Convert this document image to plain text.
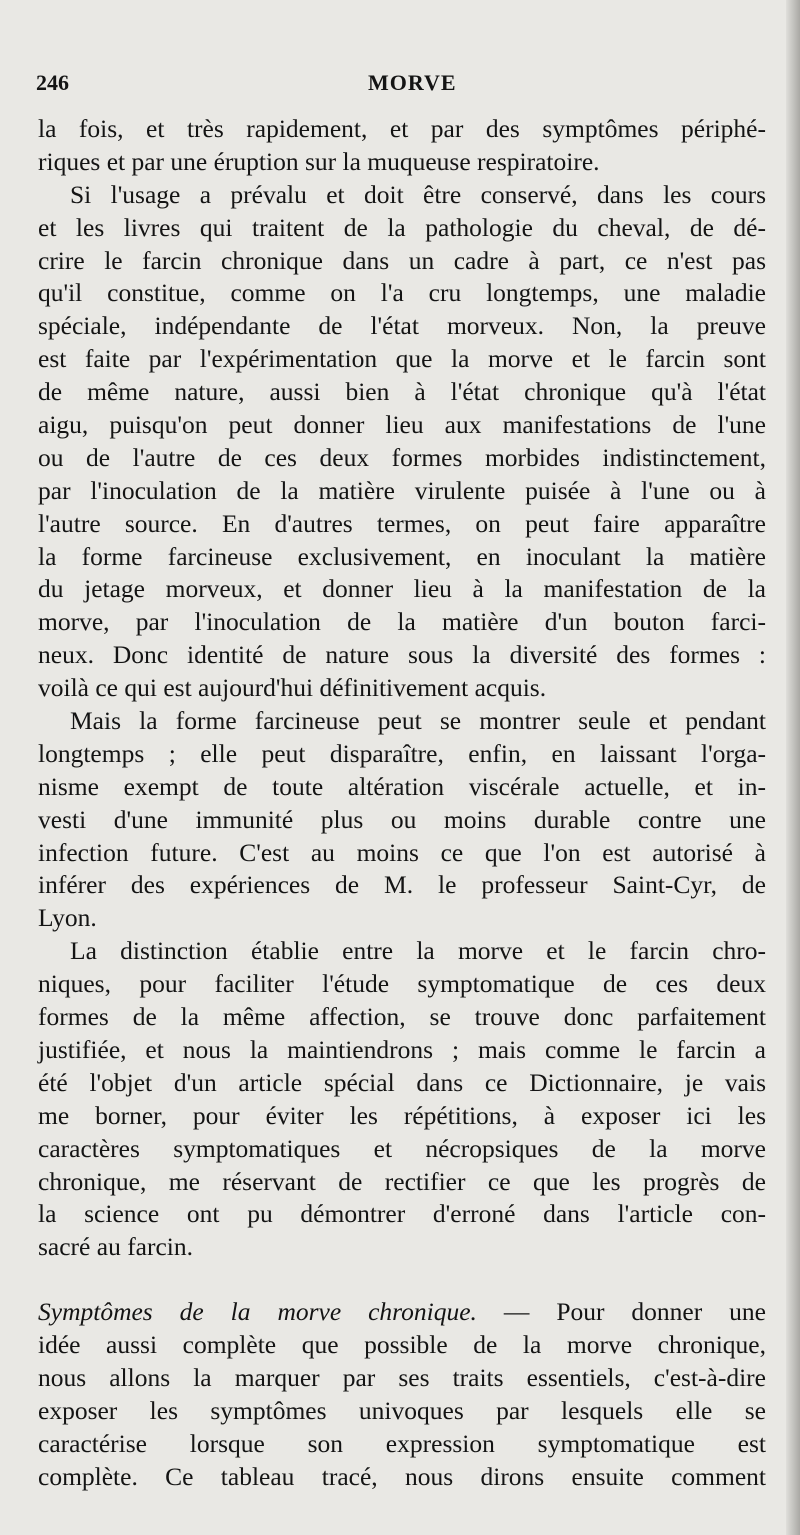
246	MORVE
la fois, et très rapidement, et par des symptômes périphé-
riques et par une éruption sur la muqueuse respiratoire.
Si l'usage a prévalu et doit être conservé, dans les cours
et les livres qui traitent de la pathologie du cheval, de dé-
crire le farcin chronique dans un cadre à part, ce n'est pas
qu'il constitue, comme on l'a cru longtemps, une maladie
spéciale, indépendante de l'état morveux. Non, la preuve
est faite par l'expérimentation que la morve et le farcin sont
de même nature, aussi bien à l'état chronique qu'à l'état
aigu, puisqu'on peut donner lieu aux manifestations de l'une
ou de l'autre de ces deux formes morbides indistinctement,
par l'inoculation de la matière virulente puisée à l'une ou à
l'autre source. En d'autres termes, on peut faire apparaître
la forme farcineuse exclusivement, en inoculant la matière
du jetage morveux, et donner lieu à la manifestation de la
morve, par l'inoculation de la matière d'un bouton farci-
neux. Donc identité de nature sous la diversité des formes :
voilà ce qui est aujourd'hui définitivement acquis.
Mais la forme farcineuse peut se montrer seule et pendant
longtemps ; elle peut disparaître, enfin, en laissant l'orga-
nisme exempt de toute altération viscérale actuelle, et in-
vesti d'une immunité plus ou moins durable contre une
infection future. C'est au moins ce que l'on est autorisé à
inférer des expériences de M. le professeur Saint-Cyr, de
Lyon.
La distinction établie entre la morve et le farcin chro-
niques, pour faciliter l'étude symptomatique de ces deux
formes de la même affection, se trouve donc parfaitement
justifiée, et nous la maintiendrons ; mais comme le farcin a
été l'objet d'un article spécial dans ce Dictionnaire, je vais
me borner, pour éviter les répétitions, à exposer ici les
caractères symptomatiques et nécropsiques de la morve
chronique, me réservant de rectifier ce que les progrès de
la science ont pu démontrer d'erroné dans l'article con-
sacré au farcin.
Symptômes de la morve chronique. — Pour donner une
idée aussi complète que possible de la morve chronique,
nous allons la marquer par ses traits essentiels, c'est-à-dire
exposer les symptômes univoques par lesquels elle se
caractérise lorsque son expression symptomatique est
complète. Ce tableau tracé, nous dirons ensuite comment
